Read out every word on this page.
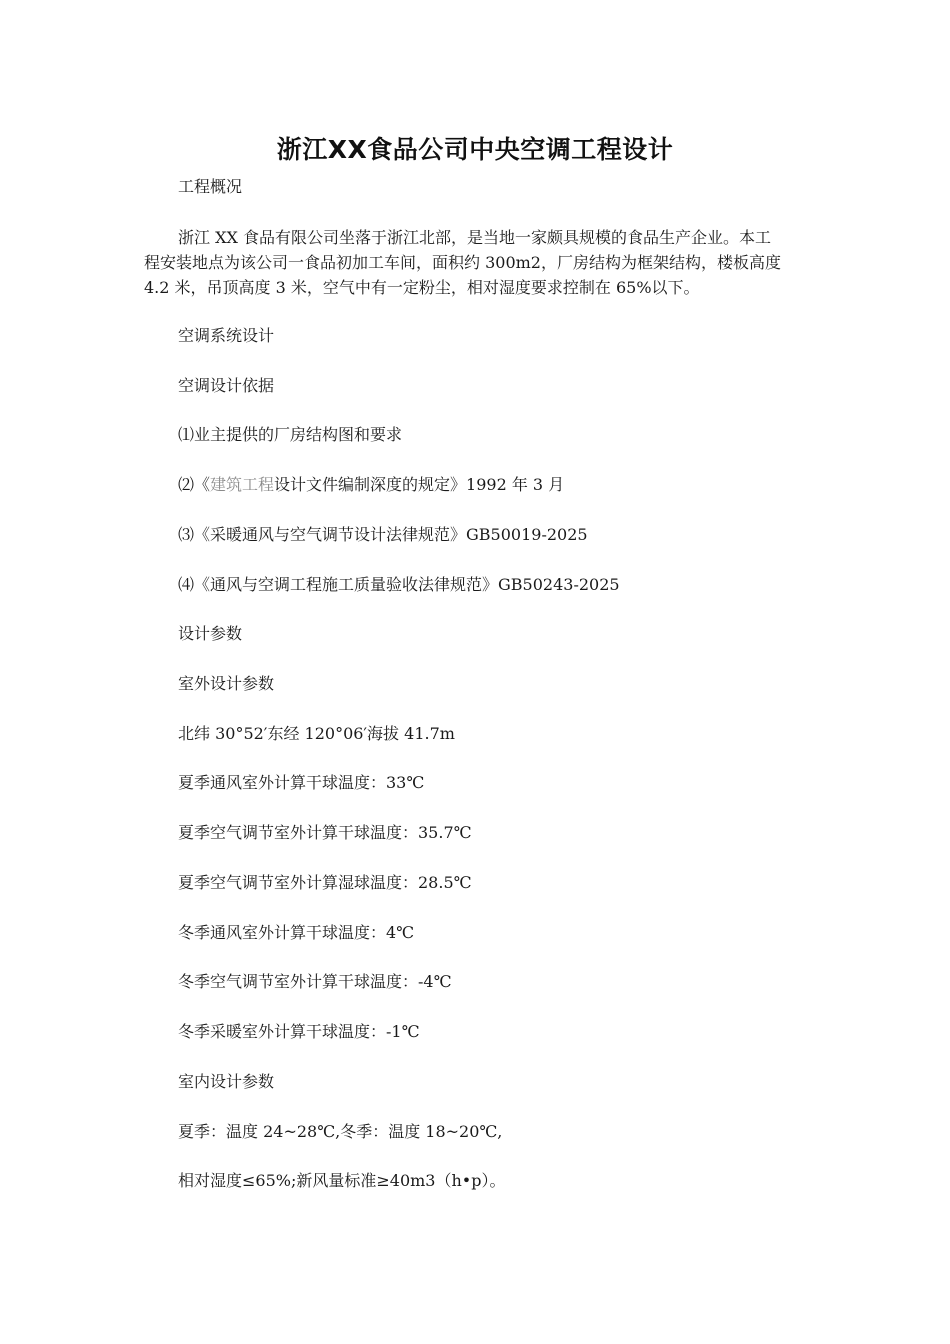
浙江XX食品公司中央空调工程设计
工程概况
浙江 XX 食品有限公司坐落于浙江北部，是当地一家颇具规模的食品生产企业。本工
程安装地点为该公司一食品初加工车间，面积约 300m2，厂房结构为框架结构，楼板高度
4.2 米，吊顶高度 3 米，空气中有一定粉尘，相对湿度要求控制在 65%以下。
空调系统设计
空调设计依据
⑴业主提供的厂房结构图和要求
⑵《建筑工程设计文件编制深度的规定》1992 年 3 月
⑶《采暖通风与空气调节设计法律规范》GB50019-2025
⑷《通风与空调工程施工质量验收法律规范》GB50243-2025
设计参数
室外设计参数
北纬 30°52′东经 120°06′海拔 41.7m
夏季通风室外计算干球温度：33℃
夏季空气调节室外计算干球温度：35.7℃
夏季空气调节室外计算湿球温度：28.5℃
冬季通风室外计算干球温度：4℃
冬季空气调节室外计算干球温度：-4℃
冬季采暖室外计算干球温度：-1℃
室内设计参数
夏季：温度 24~28℃,冬季：温度 18~20℃,
相对湿度≤65%;新风量标准≥40m3（h•p）。
